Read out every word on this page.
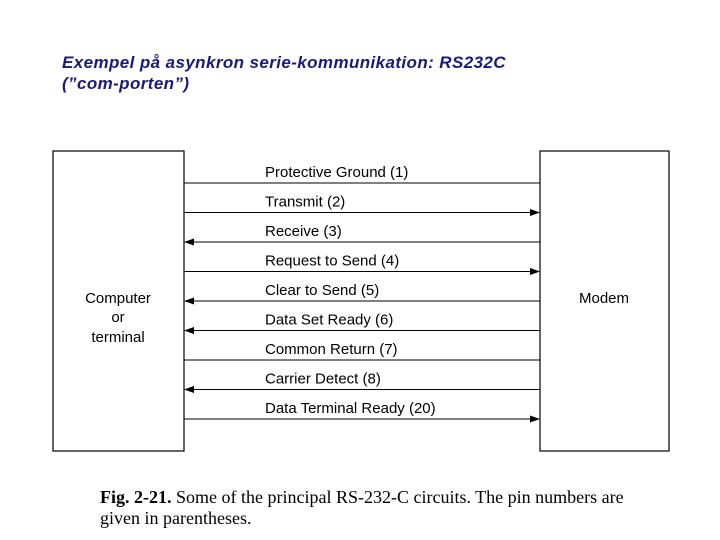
Exempel på asynkron serie-kommunikation: RS232C
(”com-porten”)
Computer
or
terminal
Modem
Protective Ground (1)
Transmit (2)
Receive (3)
Request to Send (4)
Clear to Send (5)
Data Set Ready (6)
Common Return (7)
Carrier Detect (8)
Data Terminal Ready (20)
Fig. 2-21. Some of the principal RS-232-C circuits. The pin numbers are given in parentheses.
